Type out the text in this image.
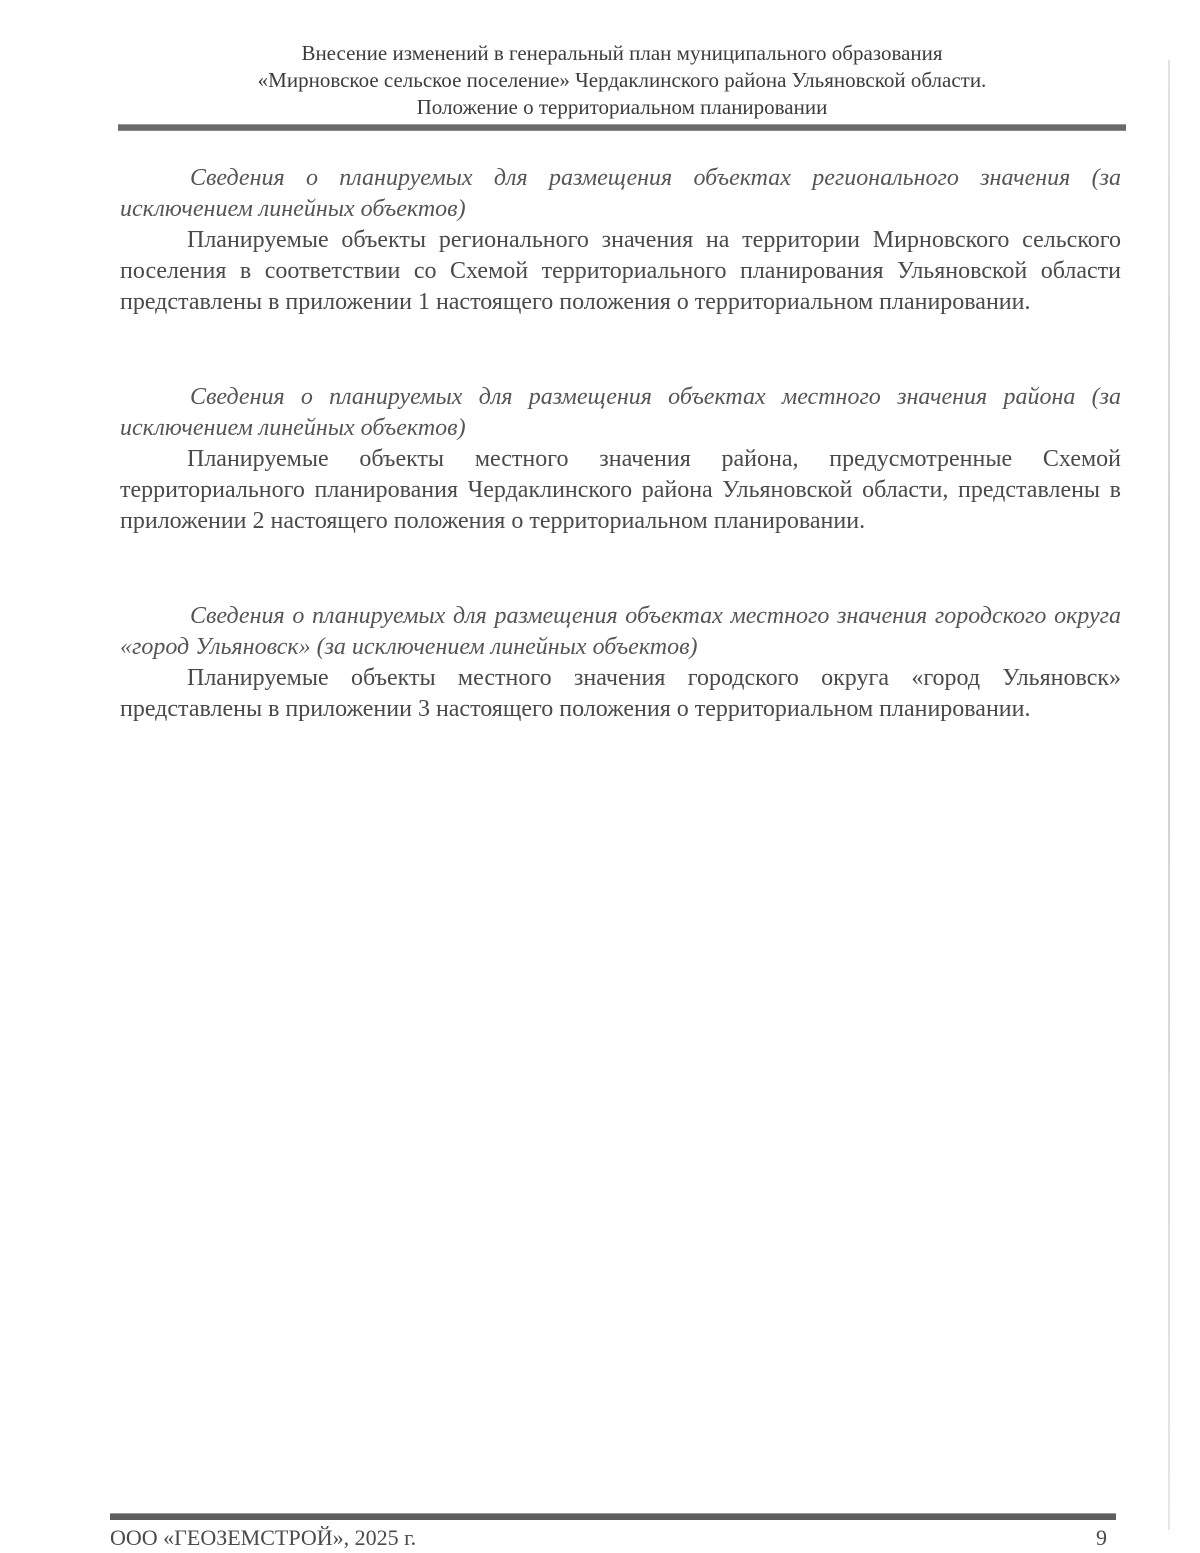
Внесение изменений в генеральный план муниципального образования
«Мирновское сельское поселение» Чердаклинского района Ульяновской области.
Положение о территориальном планировании

Сведения о планируемых для размещения объектах регионального значения (за исключением линейных объектов)

Планируемые объекты регионального значения на территории Мирновского сельского поселения в соответствии со Схемой территориального планирования Ульяновской области представлены в приложении 1 настоящего положения о территориальном планировании.

Сведения о планируемых для размещения объектах местного значения района (за исключением линейных объектов)

Планируемые объекты местного значения района, предусмотренные Схемой территориального планирования Чердаклинского района Ульяновской области, представлены в приложении 2 настоящего положения о территориальном планировании.

Сведения о планируемых для размещения объектах местного значения городского округа «город Ульяновск» (за исключением линейных объектов)

Планируемые объекты местного значения городского округа «город Ульяновск» представлены в приложении 3 настоящего положения о территориальном планировании.

ООО «ГЕОЗЕМСТРОЙ», 2025 г.	9
